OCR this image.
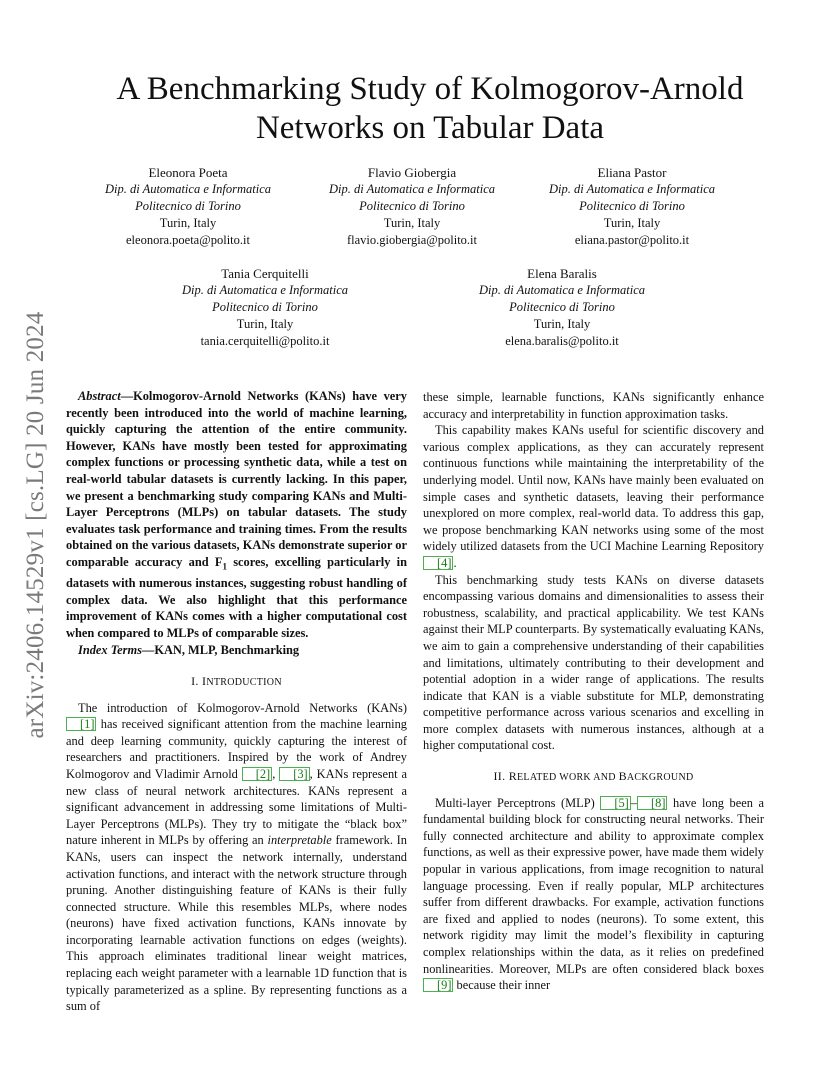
arXiv:2406.14529v1 [cs.LG] 20 Jun 2024
A Benchmarking Study of Kolmogorov-Arnold
Networks on Tabular Data
Eleonora Poeta
Dip. di Automatica e Informatica
Politecnico di Torino
Turin, Italy
eleonora.poeta@polito.it
Flavio Giobergia
Dip. di Automatica e Informatica
Politecnico di Torino
Turin, Italy
flavio.giobergia@polito.it
Eliana Pastor
Dip. di Automatica e Informatica
Politecnico di Torino
Turin, Italy
eliana.pastor@polito.it
Tania Cerquitelli
Dip. di Automatica e Informatica
Politecnico di Torino
Turin, Italy
tania.cerquitelli@polito.it
Elena Baralis
Dip. di Automatica e Informatica
Politecnico di Torino
Turin, Italy
elena.baralis@polito.it

Abstract—Kolmogorov-Arnold Networks (KANs) have very recently been introduced into the world of machine learning, quickly capturing the attention of the entire community. However, KANs have mostly been tested for approximating complex functions or processing synthetic data, while a test on real-world tabular datasets is currently lacking. In this paper, we present a benchmarking study comparing KANs and Multi-Layer Perceptrons (MLPs) on tabular datasets. The study evaluates task performance and training times. From the results obtained on the various datasets, KANs demonstrate superior or comparable accuracy and $F_1$ scores, excelling particularly in datasets with numerous instances, suggesting robust handling of complex data. We also highlight that this performance improvement of KANs comes with a higher computational cost when compared to MLPs of comparable sizes.

Index Terms—KAN, MLP, Benchmarking

I. INTRODUCTION

The introduction of Kolmogorov-Arnold Networks (KANs) [1] has received significant attention from the machine learning and deep learning community, quickly capturing the interest of researchers and practitioners. Inspired by the work of Andrey Kolmogorov and Vladimir Arnold [2] , [3] , KANs represent a new class of neural network architectures. KANs represent a significant advancement in addressing some limitations of Multi-Layer Perceptrons (MLPs). They try to mitigate the “black box” nature inherent in MLPs by offering an interpretable framework. In KANs, users can inspect the network internally, understand activation functions, and interact with the network structure through pruning. Another distinguishing feature of KANs is their fully connected structure. While this resembles MLPs, where nodes (neurons) have fixed activation functions, KANs innovate by incorporating learnable activation functions on edges (weights). This approach eliminates traditional linear weight matrices, replacing each weight parameter with a learnable 1D function that is typically parameterized as a spline. By representing functions as a sum of

these simple, learnable functions, KANs significantly enhance accuracy and interpretability in function approximation tasks.

This capability makes KANs useful for scientific discovery and various complex applications, as they can accurately represent continuous functions while maintaining the interpretability of the underlying model. Until now, KANs have mainly been evaluated on simple cases and synthetic datasets, leaving their performance unexplored on more complex, real-world data. To address this gap, we propose benchmarking KAN networks using some of the most widely utilized datasets from the UCI Machine Learning Repository [4] .

This benchmarking study tests KANs on diverse datasets encompassing various domains and dimensionalities to assess their robustness, scalability, and practical applicability. We test KANs against their MLP counterparts. By systematically evaluating KANs, we aim to gain a comprehensive understanding of their capabilities and limitations, ultimately contributing to their development and potential adoption in a wider range of applications. The results indicate that KAN is a viable substitute for MLP, demonstrating competitive performance across various scenarios and excelling in more complex datasets with numerous instances, although at a higher computational cost.

II. RELATED WORK AND BACKGROUND

Multi-layer Perceptrons (MLP) [5] – [8] have long been a fundamental building block for constructing neural networks. Their fully connected architecture and ability to approximate complex functions, as well as their expressive power, have made them widely popular in various applications, from image recognition to natural language processing. Even if really popular, MLP architectures suffer from different drawbacks. For example, activation functions are fixed and applied to nodes (neurons). To some extent, this network rigidity may limit the model’s flexibility in capturing complex relationships within the data, as it relies on predefined nonlinearities. Moreover, MLPs are often considered black boxes [9] because their inner
